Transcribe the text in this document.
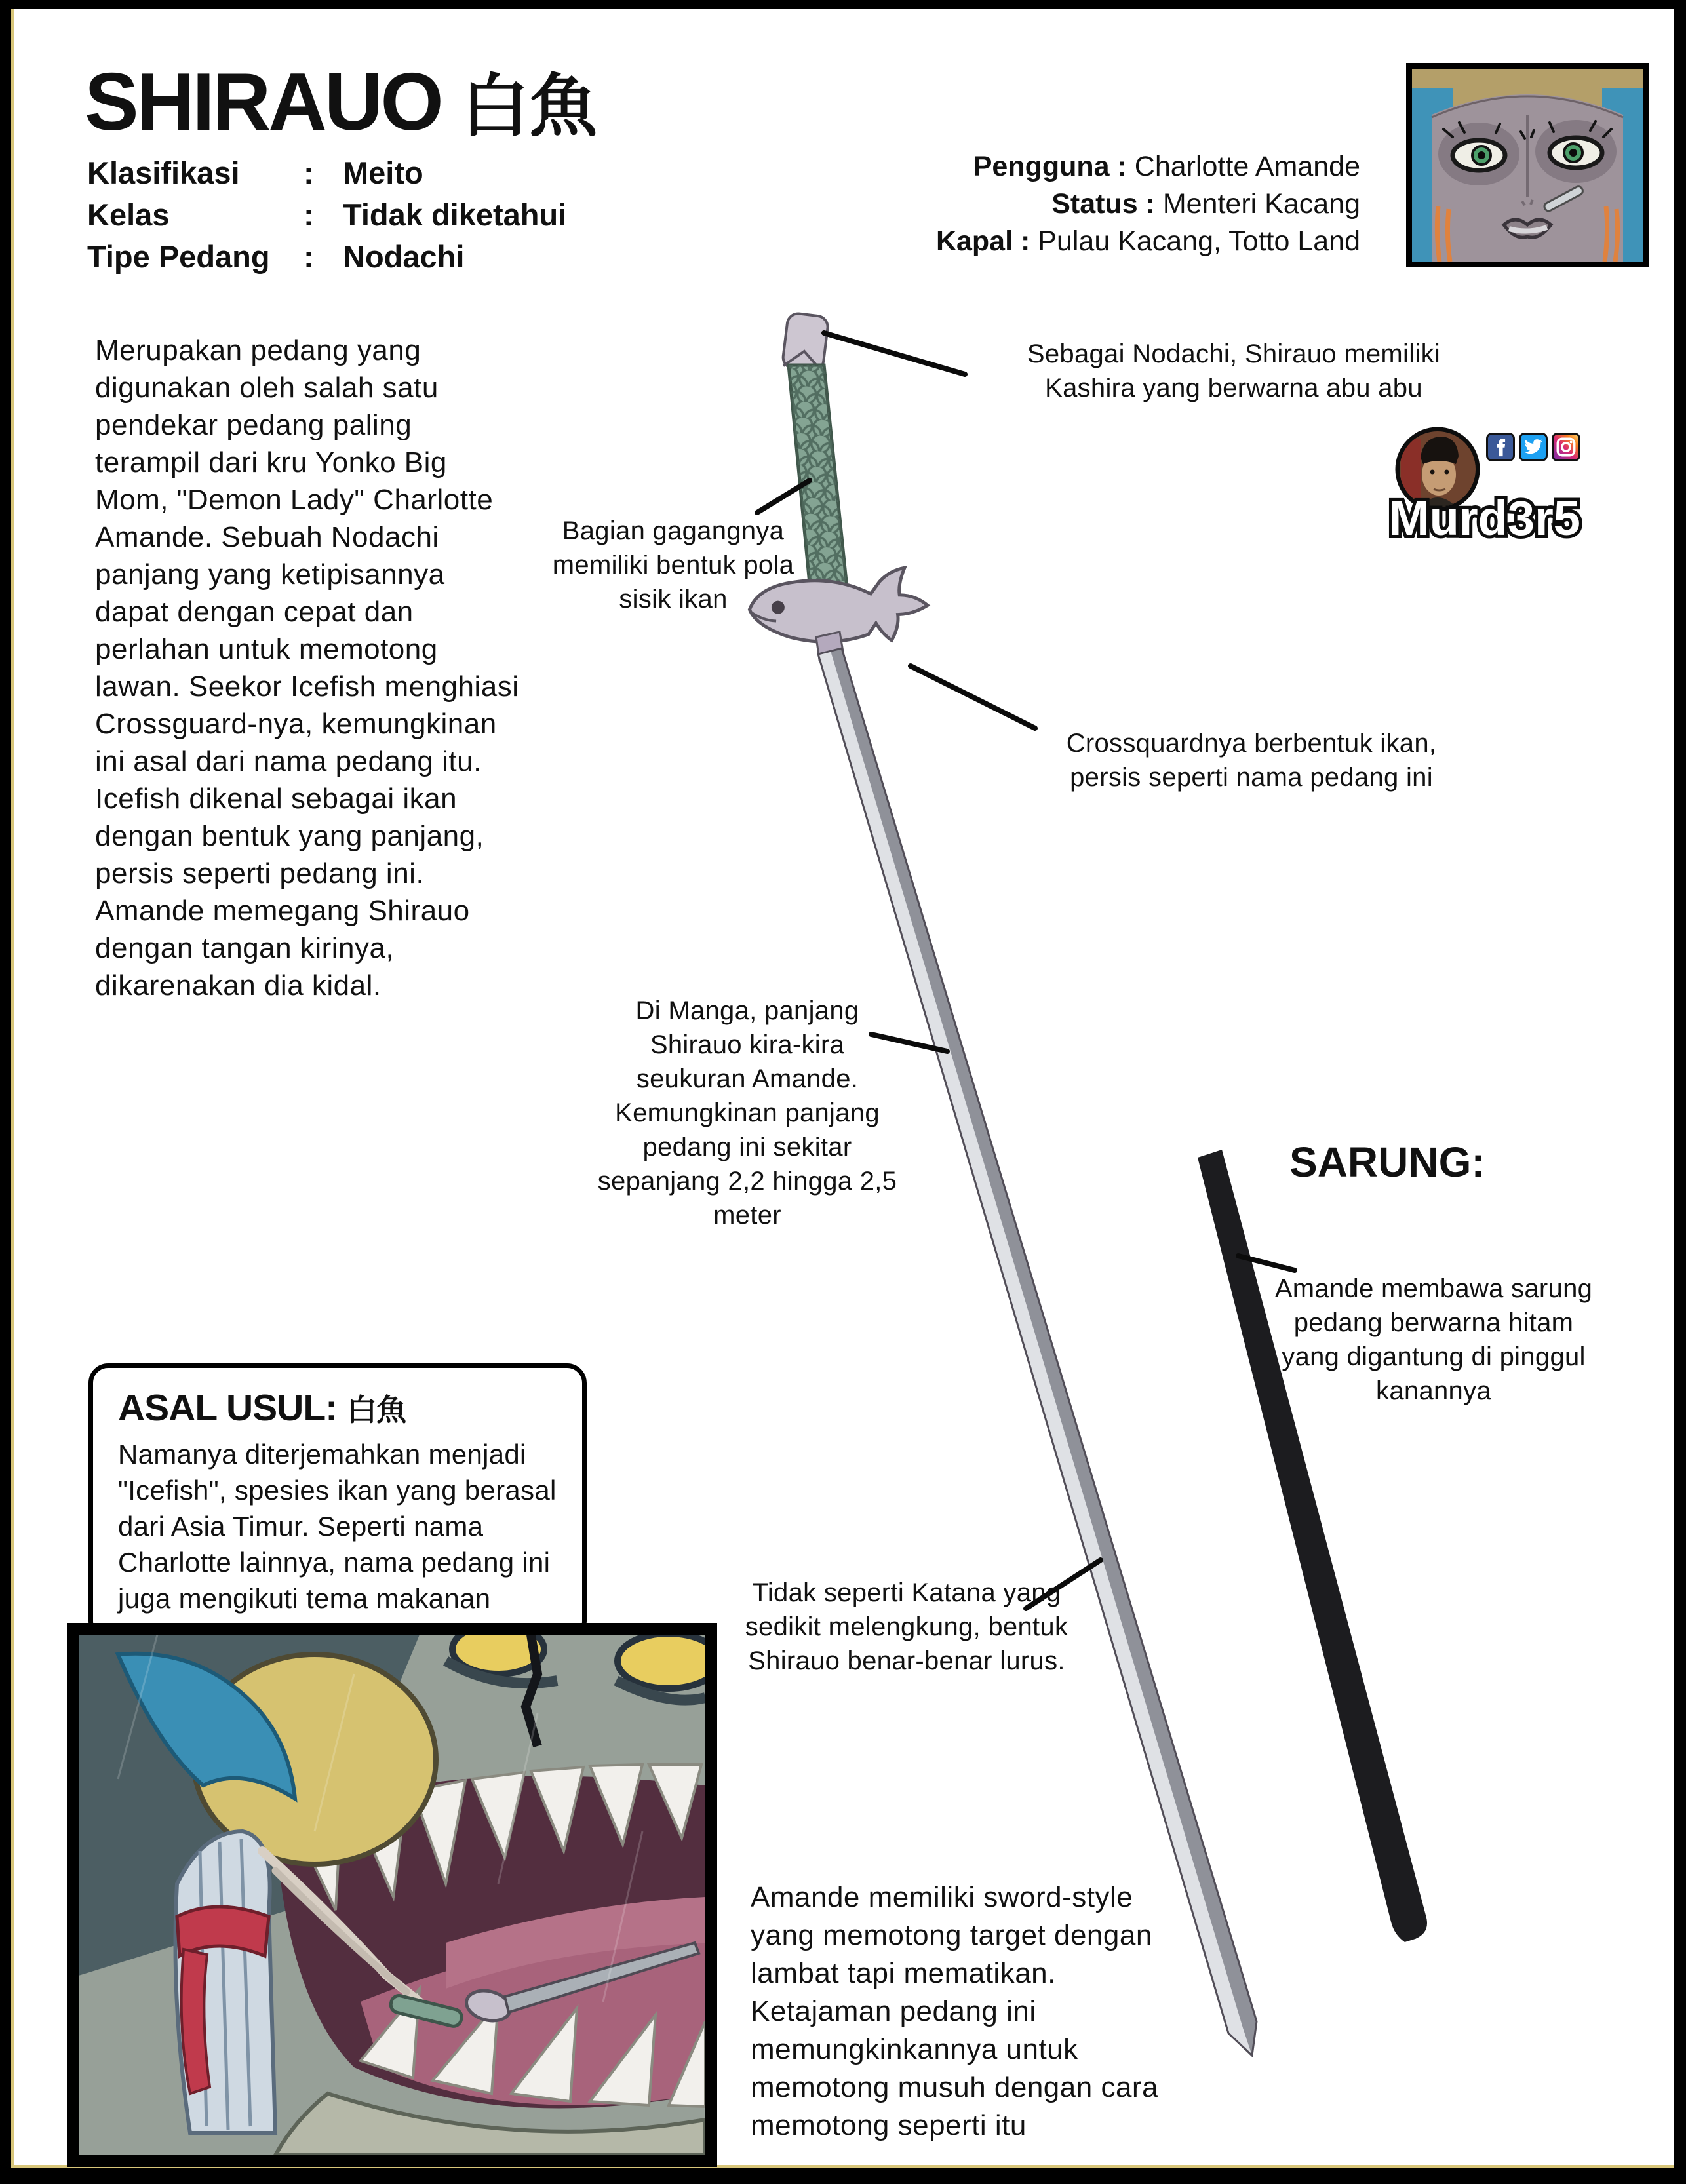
SHIRAUO 白魚
Klasifikasi	: Meito
Kelas	: Tidak diketahui
Tipe Pedang	: Nodachi
Pengguna : Charlotte Amande
Status : Menteri Kacang
Kapal : Pulau Kacang, Totto Land
Merupakan pedang yang digunakan oleh salah satu pendekar pedang paling terampil dari kru Yonko Big Mom, "Demon Lady" Charlotte Amande. Sebuah Nodachi panjang yang ketipisannya dapat dengan cepat dan perlahan untuk memotong lawan. Seekor Icefish menghiasi Crossguard-nya, kemungkinan ini asal dari nama pedang itu. Icefish dikenal sebagai ikan dengan bentuk yang panjang, persis seperti pedang ini. Amande memegang Shirauo dengan tangan kirinya, dikarenakan dia kidal.
Sebagai Nodachi, Shirauo memiliki Kashira yang berwarna abu abu
Bagian gagangnya memiliki bentuk pola sisik ikan
Crossquardnya berbentuk ikan, persis seperti nama pedang ini
Di Manga, panjang Shirauo kira-kira seukuran Amande. Kemungkinan panjang pedang ini sekitar sepanjang 2,2 hingga 2,5 meter
SARUNG:
Amande membawa sarung pedang berwarna hitam yang digantung di pinggul kanannya
Tidak seperti Katana yang sedikit melengkung, bentuk Shirauo benar-benar lurus.
ASAL USUL: 白魚
Namanya diterjemahkan menjadi "Icefish", spesies ikan yang berasal dari Asia Timur. Seperti nama Charlotte lainnya, nama pedang ini juga mengikuti tema makanan
Amande memiliki sword-style yang memotong target dengan lambat tapi mematikan. Ketajaman pedang ini memungkinkannya untuk memotong musuh dengan cara memotong seperti itu
Murd3r5
